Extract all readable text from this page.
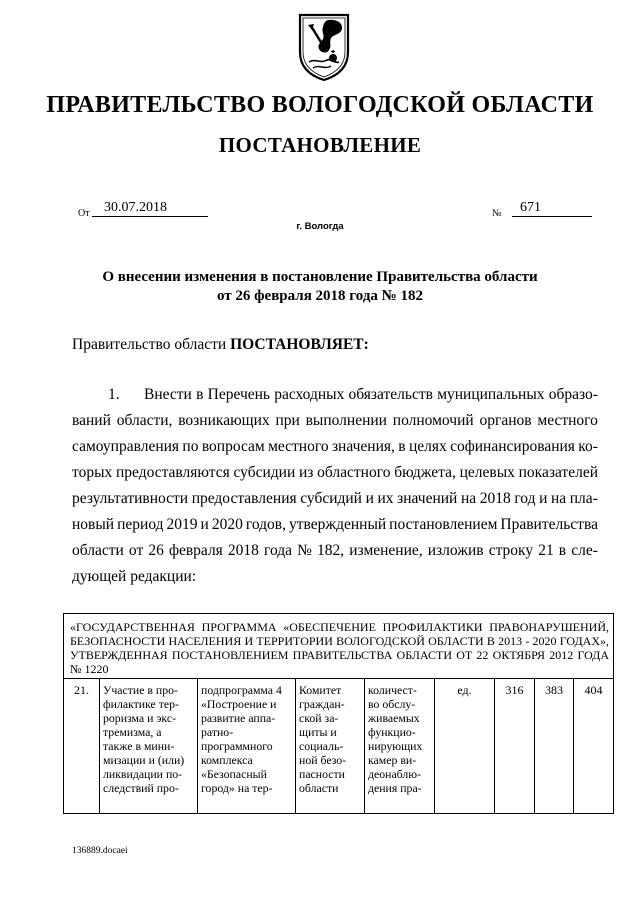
ПРАВИТЕЛЬСТВО ВОЛОГОДСКОЙ ОБЛАСТИ
ПОСТАНОВЛЕНИЕ
От	30.07.2018	№	671
г. Вологда
О внесении изменения в постановление Правительства области
от 26 февраля 2018 года № 182
Правительство области ПОСТАНОВЛЯЕТ:
1.	Внести в Перечень расходных обязательств муниципальных образо-
ваний области, возникающих при выполнении полномочий органов местного
самоуправления по вопросам местного значения, в целях софинансирования ко-
торых предоставляются субсидии из областного бюджета, целевых показателей
результативности предоставления субсидий и их значений на 2018 год и на пла-
новый период 2019 и 2020 годов, утвержденный постановлением Правительства
области от 26 февраля 2018 года № 182, изменение, изложив строку 21 в сле-
дующей редакции:
«ГОСУДАРСТВЕННАЯ ПРОГРАММА «ОБЕСПЕЧЕНИЕ ПРОФИЛАКТИКИ ПРАВОНАРУШЕНИЙ, БЕЗОПАСНОСТИ НАСЕЛЕНИЯ И ТЕРРИТОРИИ ВОЛОГОДСКОЙ ОБЛАСТИ В 2013 - 2020 ГОДАХ», УТВЕРЖДЕННАЯ ПОСТАНОВЛЕНИЕМ ПРАВИТЕЛЬСТВА ОБЛАСТИ ОТ 22 ОКТЯБРЯ 2012 ГОДА № 1220
21.	Участие в про-
филактике тер-
роризма и экс-
тремизма, а
также в мини-
мизации и (или)
ликвидации по-
следствий про-

подпрограмма 4
«Построение и
развитие аппа-
ратно-
программного
комплекса
«Безопасный
город» на тер-

Комитет
граждан-
ской за-
щиты и
социаль-
ной безо-
пасности
области

количест-
во обслу-
живаемых
функцио-
нирующих
камер ви-
деонаблю-
дения пра-
	ед.	316	383	404
136889.docaei
